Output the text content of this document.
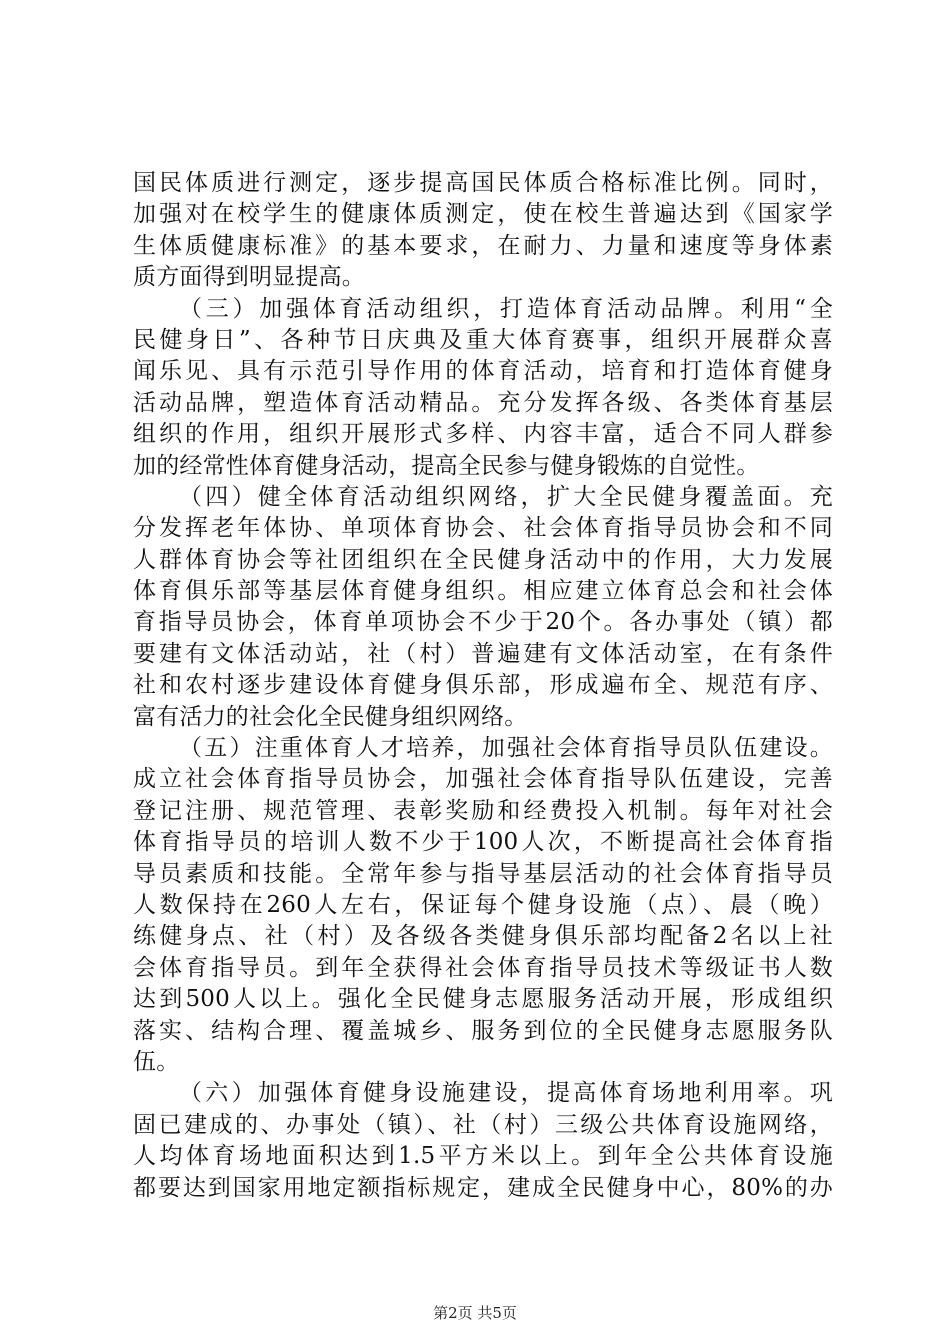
国民体质进行测定，逐步提高国民体质合格标准比例。同时，
加强对在校学生的健康体质测定，使在校生普遍达到《国家学
生体质健康标准》的基本要求，在耐力、力量和速度等身体素
质方面得到明显提高。
（三）加强体育活动组织，打造体育活动品牌。利用“全
民健身日”、各种节日庆典及重大体育赛事，组织开展群众喜
闻乐见、具有示范引导作用的体育活动，培育和打造体育健身
活动品牌，塑造体育活动精品。充分发挥各级、各类体育基层
组织的作用，组织开展形式多样、内容丰富，适合不同人群参
加的经常性体育健身活动，提高全民参与健身锻炼的自觉性。
（四）健全体育活动组织网络，扩大全民健身覆盖面。充
分发挥老年体协、单项体育协会、社会体育指导员协会和不同
人群体育协会等社团组织在全民健身活动中的作用，大力发展
体育俱乐部等基层体育健身组织。相应建立体育总会和社会体
育指导员协会，体育单项协会不少于20个。各办事处（镇）都
要建有文体活动站，社（村）普遍建有文体活动室，在有条件
社和农村逐步建设体育健身俱乐部，形成遍布全、规范有序、
富有活力的社会化全民健身组织网络。
（五）注重体育人才培养，加强社会体育指导员队伍建设。
成立社会体育指导员协会，加强社会体育指导队伍建设，完善
登记注册、规范管理、表彰奖励和经费投入机制。每年对社会
体育指导员的培训人数不少于100人次，不断提高社会体育指
导员素质和技能。全常年参与指导基层活动的社会体育指导员
人数保持在260人左右，保证每个健身设施（点）、晨（晚）
练健身点、社（村）及各级各类健身俱乐部均配备2名以上社
会体育指导员。到年全获得社会体育指导员技术等级证书人数
达到500人以上。强化全民健身志愿服务活动开展，形成组织
落实、结构合理、覆盖城乡、服务到位的全民健身志愿服务队
伍。
（六）加强体育健身设施建设，提高体育场地利用率。巩
固已建成的、办事处（镇）、社（村）三级公共体育设施网络，
人均体育场地面积达到1.5平方米以上。到年全公共体育设施
都要达到国家用地定额指标规定，建成全民健身中心，80%的办
第2页 共5页
